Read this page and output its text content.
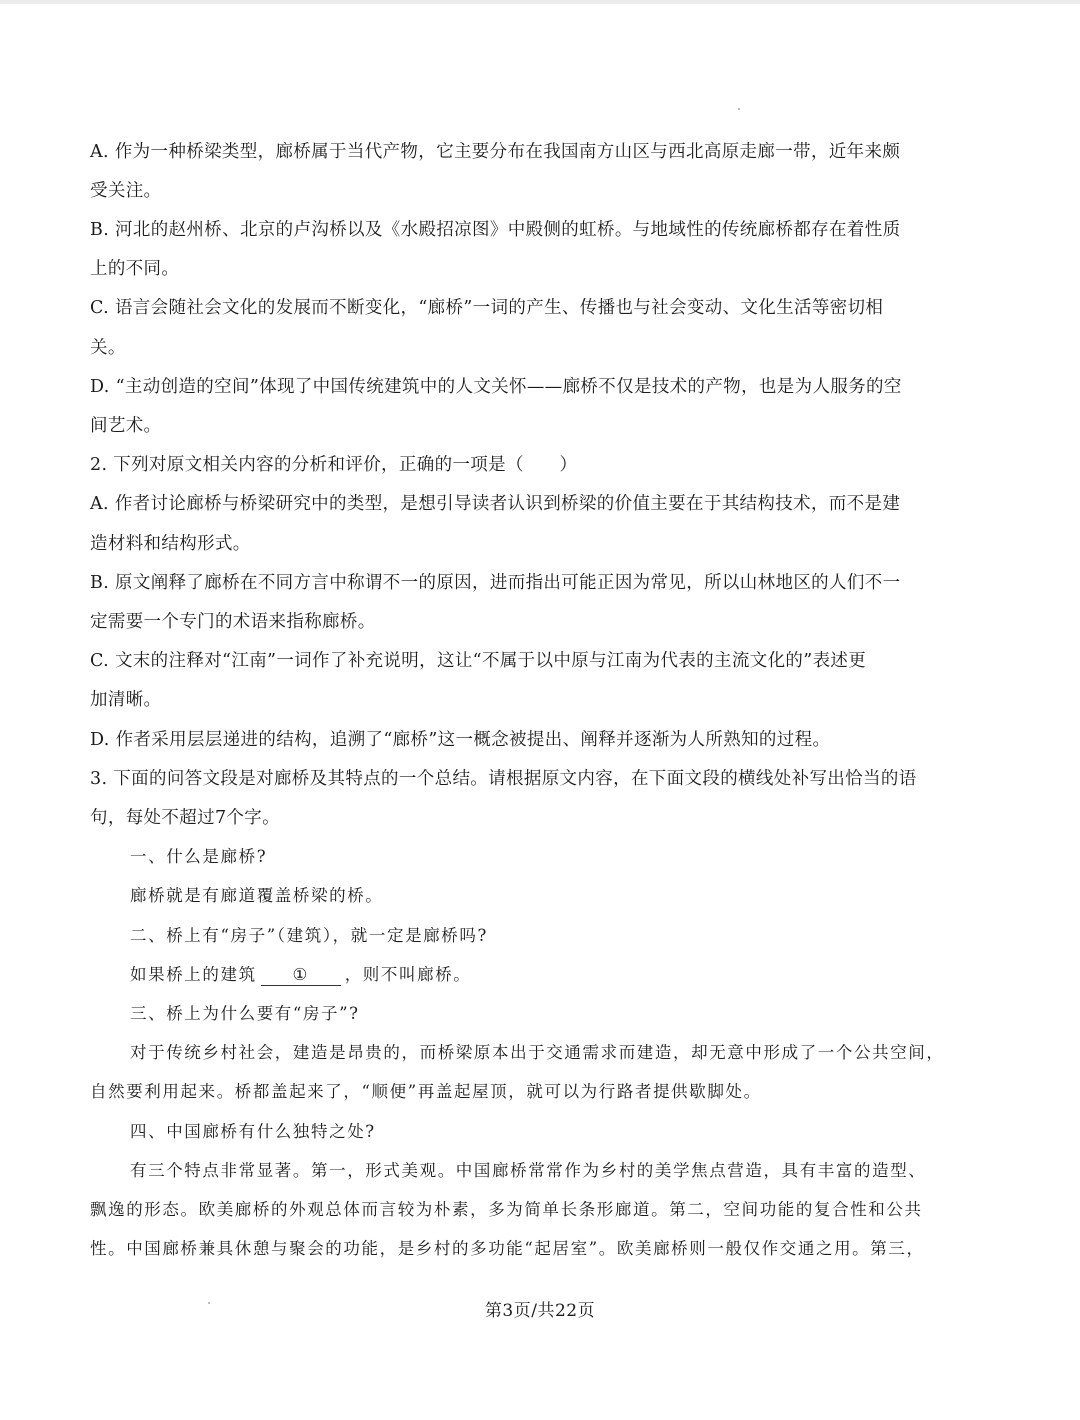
A. 作为一种桥梁类型，廊桥属于当代产物，它主要分布在我国南方山区与西北高原走廊一带，近年来颇
受关注。
B. 河北的赵州桥、北京的卢沟桥以及《水殿招凉图》中殿侧的虹桥。与地域性的传统廊桥都存在着性质
上的不同。
C. 语言会随社会文化的发展而不断变化，“廊桥”一词的产生、传播也与社会变动、文化生活等密切相
关。
D. “主动创造的空间”体现了中国传统建筑中的人文关怀——廊桥不仅是技术的产物，也是为人服务的空
间艺术。
2. 下列对原文相关内容的分析和评价，正确的一项是（　　）
A. 作者讨论廊桥与桥梁研究中的类型，是想引导读者认识到桥梁的价值主要在于其结构技术，而不是建
造材料和结构形式。
B. 原文阐释了廊桥在不同方言中称谓不一的原因，进而指出可能正因为常见，所以山林地区的人们不一
定需要一个专门的术语来指称廊桥。
C. 文末的注释对“江南”一词作了补充说明，这让“不属于以中原与江南为代表的主流文化的”表述更
加清晰。
D. 作者采用层层递进的结构，追溯了“廊桥”这一概念被提出、阐释并逐渐为人所熟知的过程。
3. 下面的问答文段是对廊桥及其特点的一个总结。请根据原文内容，在下面文段的横线处补写出恰当的语
句，每处不超过7个字。
一、什么是廊桥?
廊桥就是有廊道覆盖桥梁的桥。
二、桥上有“房子”（建筑），就一定是廊桥吗?
如果桥上的建筑 ① ，则不叫廊桥。
三、桥上为什么要有“房子”?
对于传统乡村社会，建造是昂贵的，而桥梁原本出于交通需求而建造，却无意中形成了一个公共空间，
自然要利用起来。桥都盖起来了，“顺便”再盖起屋顶，就可以为行路者提供歇脚处。
四、中国廊桥有什么独特之处?
有三个特点非常显著。第一，形式美观。中国廊桥常常作为乡村的美学焦点营造，具有丰富的造型、
飘逸的形态。欧美廊桥的外观总体而言较为朴素，多为简单长条形廊道。第二，空间功能的复合性和公共
性。中国廊桥兼具休憩与聚会的功能，是乡村的多功能“起居室”。欧美廊桥则一般仅作交通之用。第三，
第3页/共22页
